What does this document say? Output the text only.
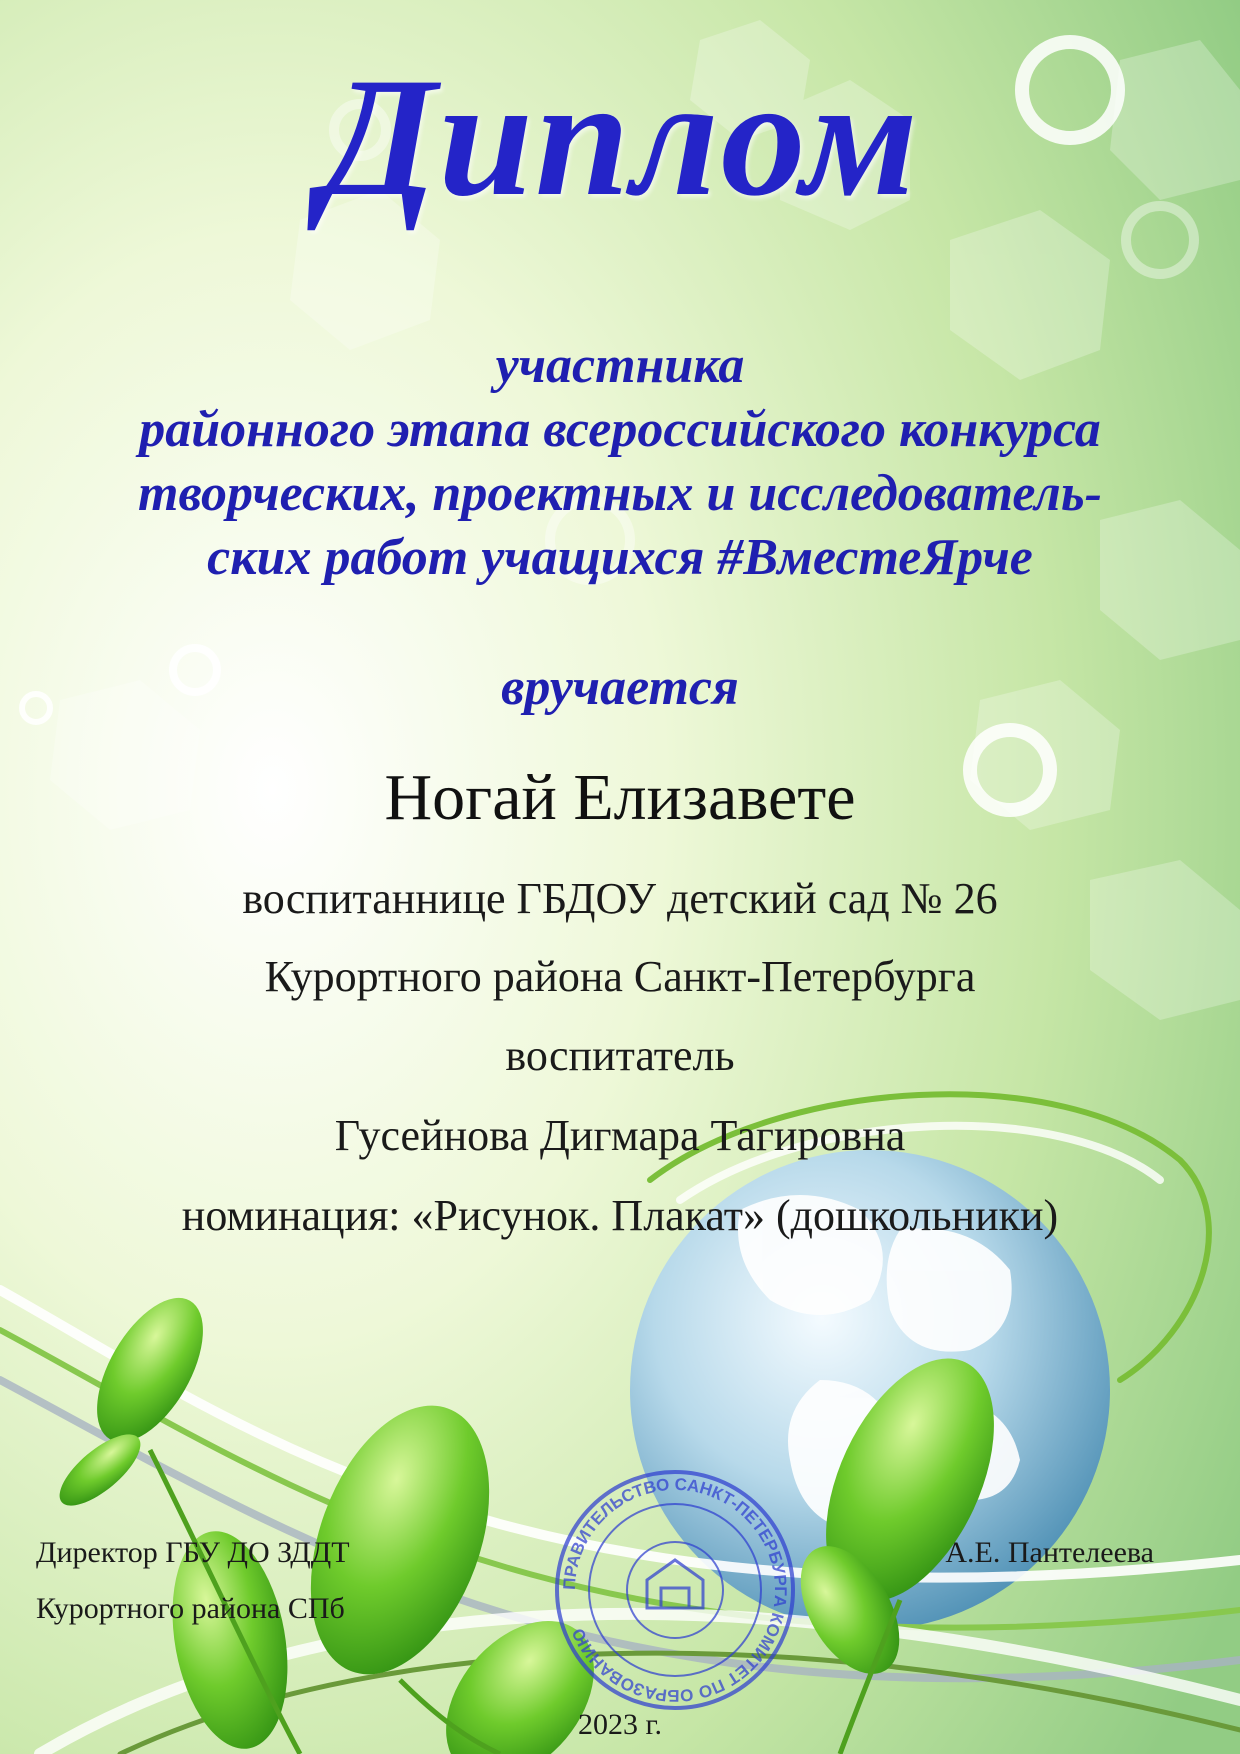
Диплом

участника

районного этапа всероссийского конкурса

творческих, проектных и исследователь-

ских работ учащихся #ВместеЯрче

вручается

Ногай Елизавете

воспитаннице ГБДОУ детский сад № 26

Курортного района Санкт-Петербурга

воспитатель

Гусейнова Дигмара Тагировна

номинация: «Рисунок. Плакат» (дошкольники)

ПРАВИТЕЛЬСТВО САНКТ-ПЕТЕРБУРГА КОМИТЕТ ПО ОБРАЗОВАНИЮ

Директор ГБУ ДО ЗДДТ

Курортного района СПб

А.Е. Пантелеева

2023 г.
